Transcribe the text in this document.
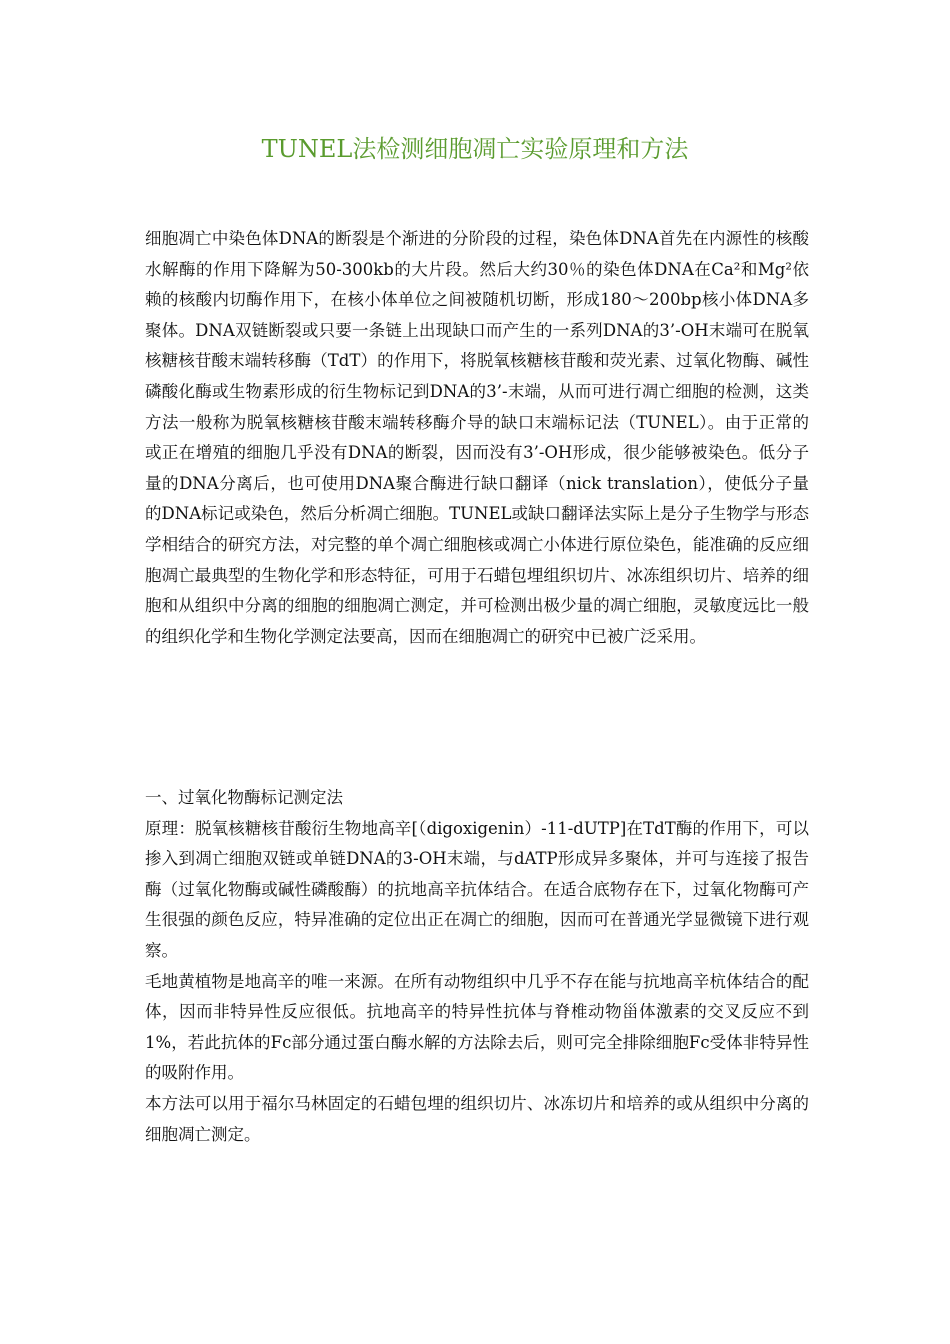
TUNEL法检测细胞凋亡实验原理和方法

细胞凋亡中染色体DNA的断裂是个渐进的分阶段的过程，染色体DNA首先在内源性的核酸水解酶的作用下降解为50-300kb的大片段。然后大约30％的染色体DNA在Ca²和Mg²依赖的核酸内切酶作用下，在核小体单位之间被随机切断，形成180～200bp核小体DNA多聚体。DNA双链断裂或只要一条链上出现缺口而产生的一系列DNA的3’-OH末端可在脱氧核糖核苷酸末端转移酶（TdT）的作用下，将脱氧核糖核苷酸和荧光素、过氧化物酶、碱性磷酸化酶或生物素形成的衍生物标记到DNA的3’-末端，从而可进行凋亡细胞的检测，这类方法一般称为脱氧核糖核苷酸末端转移酶介导的缺口末端标记法（TUNEL）。由于正常的或正在增殖的细胞几乎没有DNA的断裂，因而没有3’-OH形成，很少能够被染色。低分子量的DNA分离后，也可使用DNA聚合酶进行缺口翻译（nick translation），使低分子量的DNA标记或染色，然后分析凋亡细胞。TUNEL或缺口翻译法实际上是分子生物学与形态学相结合的研究方法，对完整的单个凋亡细胞核或凋亡小体进行原位染色，能准确的反应细胞凋亡最典型的生物化学和形态特征，可用于石蜡包埋组织切片、冰冻组织切片、培养的细胞和从组织中分离的细胞的细胞凋亡测定，并可检测出极少量的凋亡细胞，灵敏度远比一般的组织化学和生物化学测定法要高，因而在细胞凋亡的研究中已被广泛采用。

一、过氧化物酶标记测定法

原理：脱氧核糖核苷酸衍生物地高辛[（digoxigenin）-11-dUTP]在TdT酶的作用下，可以掺入到凋亡细胞双链或单链DNA的3-OH末端，与dATP形成异多聚体，并可与连接了报告酶（过氧化物酶或碱性磷酸酶）的抗地高辛抗体结合。在适合底物存在下，过氧化物酶可产生很强的颜色反应，特异准确的定位出正在凋亡的细胞，因而可在普通光学显微镜下进行观察。

毛地黄植物是地高辛的唯一来源。在所有动物组织中几乎不存在能与抗地高辛杭体结合的配体，因而非特异性反应很低。抗地高辛的特异性抗体与脊椎动物甾体激素的交叉反应不到1%，若此抗体的Fc部分通过蛋白酶水解的方法除去后，则可完全排除细胞Fc受体非特异性的吸附作用。

本方法可以用于福尔马林固定的石蜡包埋的组织切片、冰冻切片和培养的或从组织中分离的细胞凋亡测定。
